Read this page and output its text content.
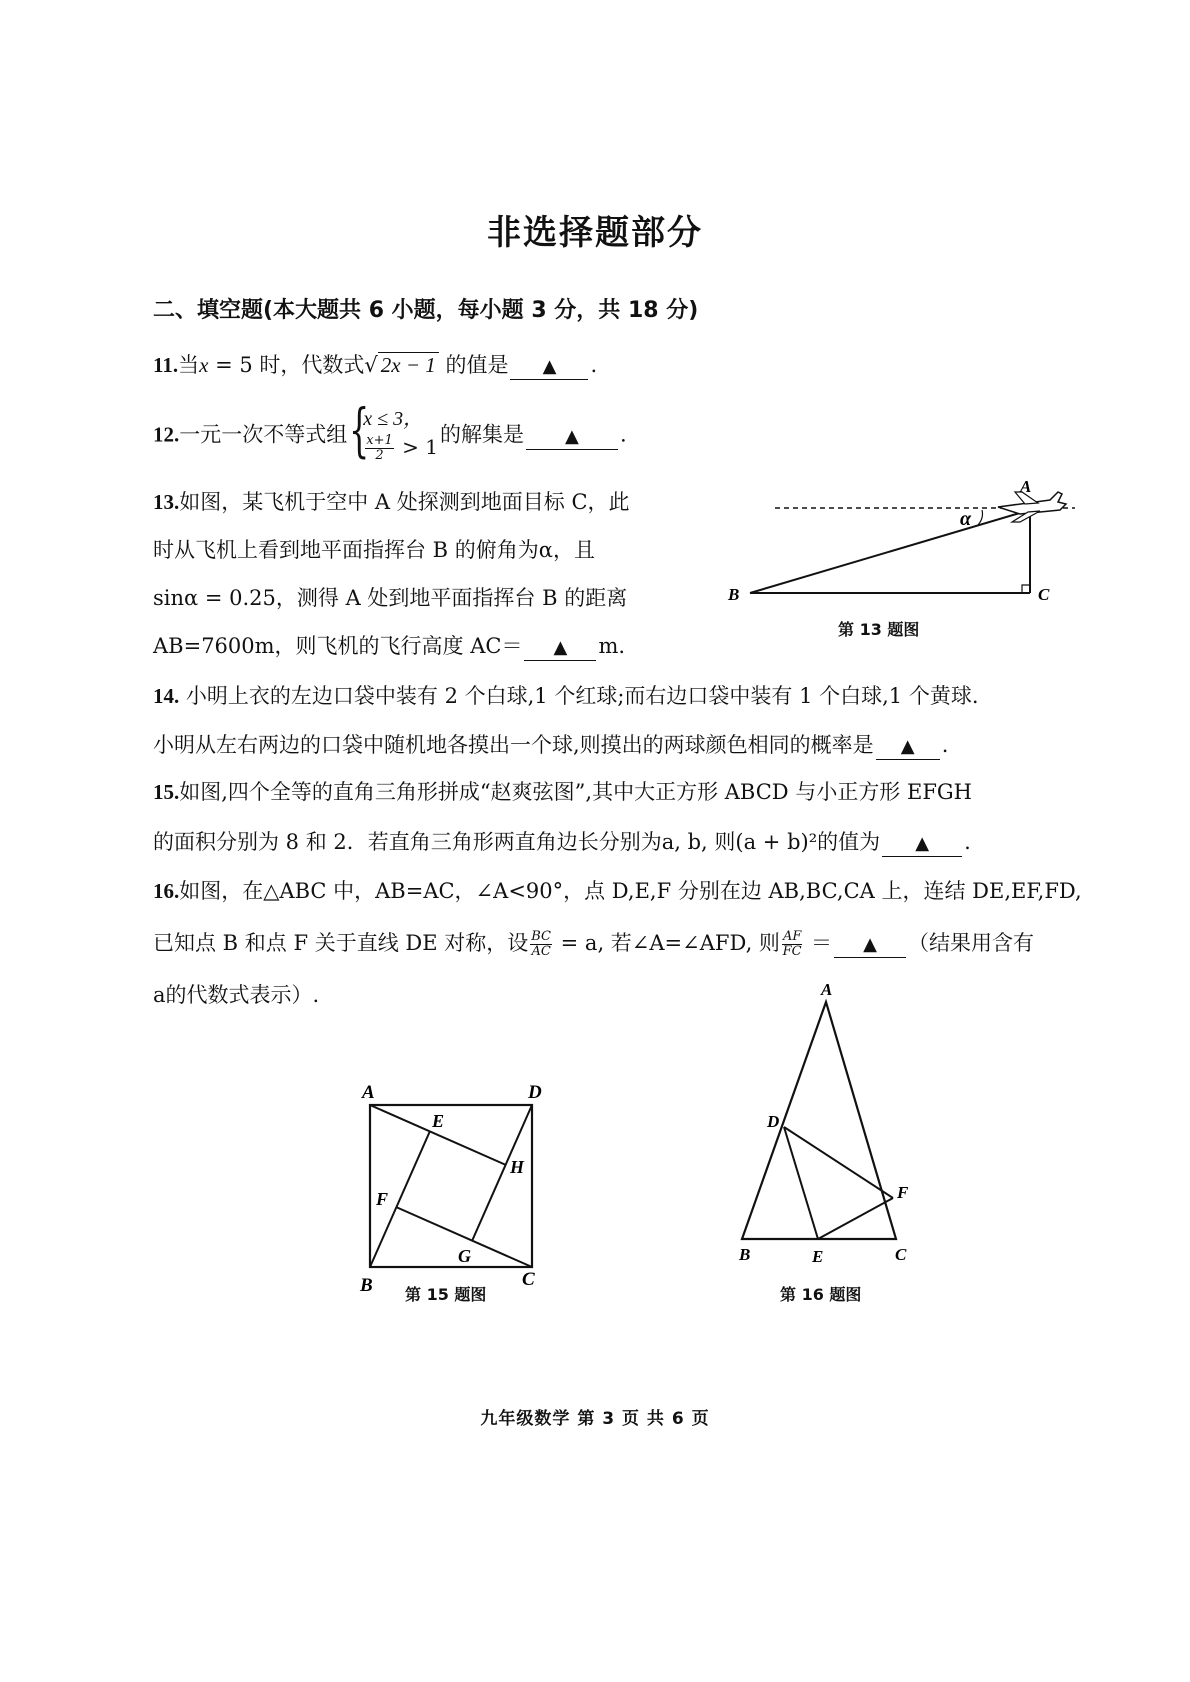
非选择题部分
二、填空题(本大题共 6 小题，每小题 3 分，共 18 分)
11.当x = 5 时，代数式√ 2x − 1 的值是 ▲ .
12.一元一次不等式组 {
x ≤ 3，
$\frac{x+1}{2} > 1$
的解集是 ▲ .
13.如图，某飞机于空中 A 处探测到地面目标 C，此
时从飞机上看到地平面指挥台 B 的俯角为α，且
sinα = 0.25，测得 A 处到地平面指挥台 B 的距离
AB=7600m，则飞机的飞行高度 AC＝ ▲ m.
α
A
B	C
第 13 题图
14. 小明上衣的左边口袋中装有 2 个白球,1 个红球;而右边口袋中装有 1 个白球,1 个黄球.
小明从左右两边的口袋中随机地各摸出一个球,则摸出的两球颜色相同的概率是 ▲ .
15.如图,四个全等的直角三角形拼成“赵爽弦图”,其中大正方形 ABCD 与小正方形 EFGH
的面积分别为 8 和 2．若直角三角形两直角边长分别为a, b, 则(a + b)²的值为 ▲ .
16.如图，在△ABC 中，AB=AC，∠A<90°，点 D,E,F 分别在边 AB,BC,CA 上，连结 DE,EF,FD,
已知点 B 和点 F 关于直线 DE 对称，设 $\frac{BC}{AC} = a$, 若∠A=∠AFD, 则 $\frac{AF}{FC}$ ＝ ▲ （结果用含有
a的代数式表示）.
A	D
B	C
E
H
F
G
第 15 题图
A
D
F
B	E	C
第 16 题图
九年级数学 第 3 页 共 6 页
